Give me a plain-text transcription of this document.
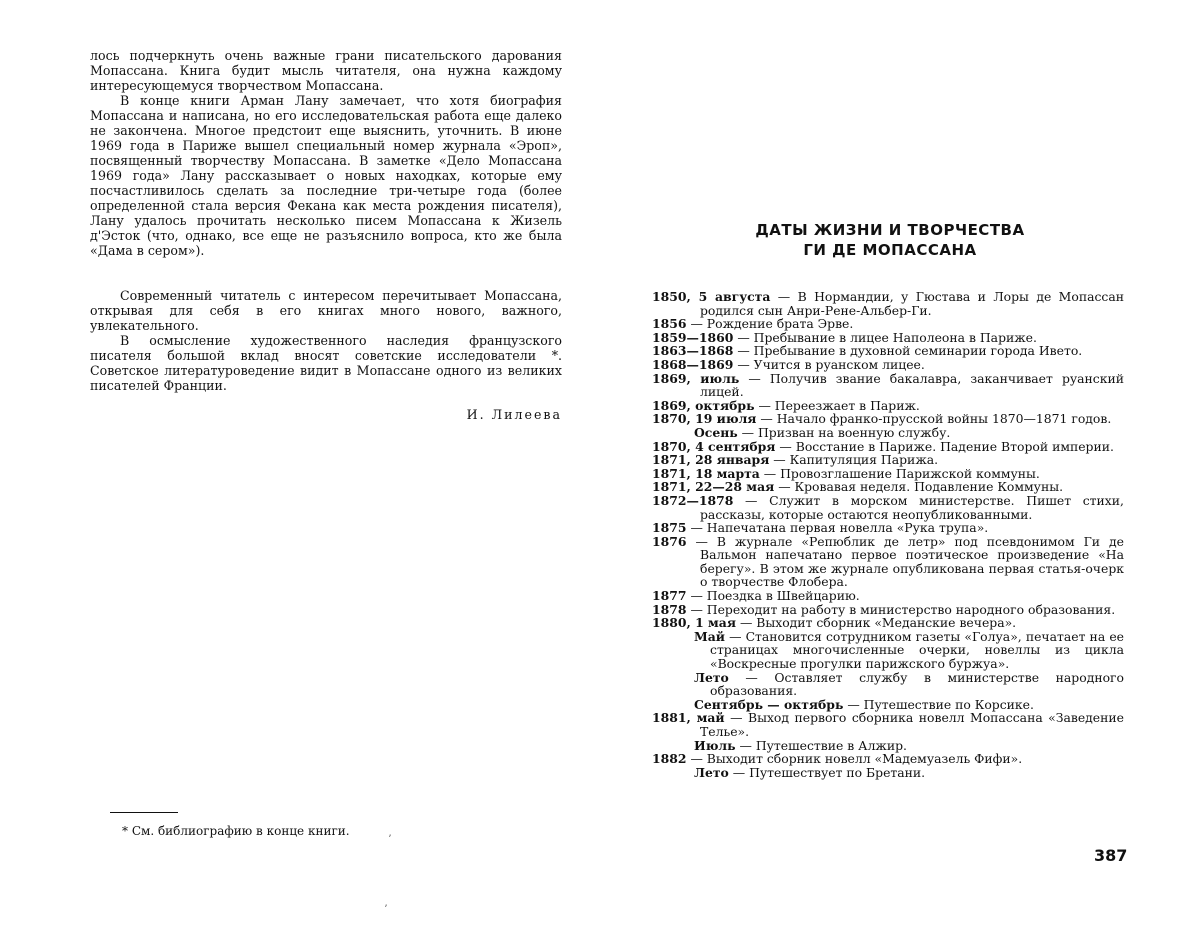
лось подчеркнуть очень важные грани писательского дарования Мопассана. Книга будит мысль читателя, она нужна каждому интересующемуся творчеством Мопассана.

В конце книги Арман Лану замечает, что хотя биография Мопассана и написана, но его исследовательская работа еще далеко не закончена. Многое предстоит еще выяснить, уточнить. В июне 1969 года в Париже вышел специальный номер журнала «Эроп», посвященный творчеству Мопассана. В заметке «Дело Мопассана 1969 года» Лану рассказывает о новых находках, которые ему посчастливилось сделать за последние три-четыре года (более определенной стала версия Фекана как места рождения писателя), Лану удалось прочитать несколько писем Мопассана к Жизель д'Эсток (что, однако, все еще не разъяснило вопроса, кто же была «Дама в сером»).

Современный читатель с интересом перечитывает Мопассана, открывая для себя в его книгах много нового, важного, увлекательного.

В осмысление художественного наследия французского писателя большой вклад вносят советские исследователи *. Советское литературоведение видит в Мопассане одного из великих писателей Франции.

И. Лилеева
* См. библиографию в конце книги.
ʼ
ʼ
ДАТЫ ЖИЗНИ И ТВОРЧЕСТВА
ГИ ДЕ МОПАССАНА
1850, 5 августа — В Нормандии, у Гюстава и Лоры де Мопассан родился сын Анри-Рене-Альбер-Ги.
1856 — Рождение брата Эрве.
1859—1860 — Пребывание в лицее Наполеона в Париже.
1863—1868 — Пребывание в духовной семинарии города Ивето.
1868—1869 — Учится в руанском лицее.
1869, июль — Получив звание бакалавра, заканчивает руанский лицей.
1869, октябрь — Переезжает в Париж.
1870, 19 июля — Начало франко-прусской войны 1870—1871 годов.
Осень — Призван на военную службу.
1870, 4 сентября — Восстание в Париже. Падение Второй империи.
1871, 28 января — Капитуляция Парижа.
1871, 18 марта — Провозглашение Парижской коммуны.
1871, 22—28 мая — Кровавая неделя. Подавление Коммуны.
1872—1878 — Служит в морском министерстве. Пишет стихи, рассказы, которые остаются неопубликованными.
1875 — Напечатана первая новелла «Рука трупа».
1876 — В журнале «Репюблик де летр» под псевдонимом Ги де Вальмон напечатано первое поэтическое произведение «На берегу». В этом же журнале опубликована первая статья-очерк о творчестве Флобера.
1877 — Поездка в Швейцарию.
1878 — Переходит на работу в министерство народного образования.
1880, 1 мая — Выходит сборник «Меданские вечера».
Май — Становится сотрудником газеты «Голуа», печатает на ее страницах многочисленные очерки, новеллы из цикла «Воскресные прогулки парижского буржуа».
Лето — Оставляет службу в министерстве народного образования.
Сентябрь — октябрь — Путешествие по Корсике.
1881, май — Выход первого сборника новелл Мопассана «Заведение Телье».
Июль — Путешествие в Алжир.
1882 — Выходит сборник новелл «Мадемуазель Фифи».
Лето — Путешествует по Бретани.
387
